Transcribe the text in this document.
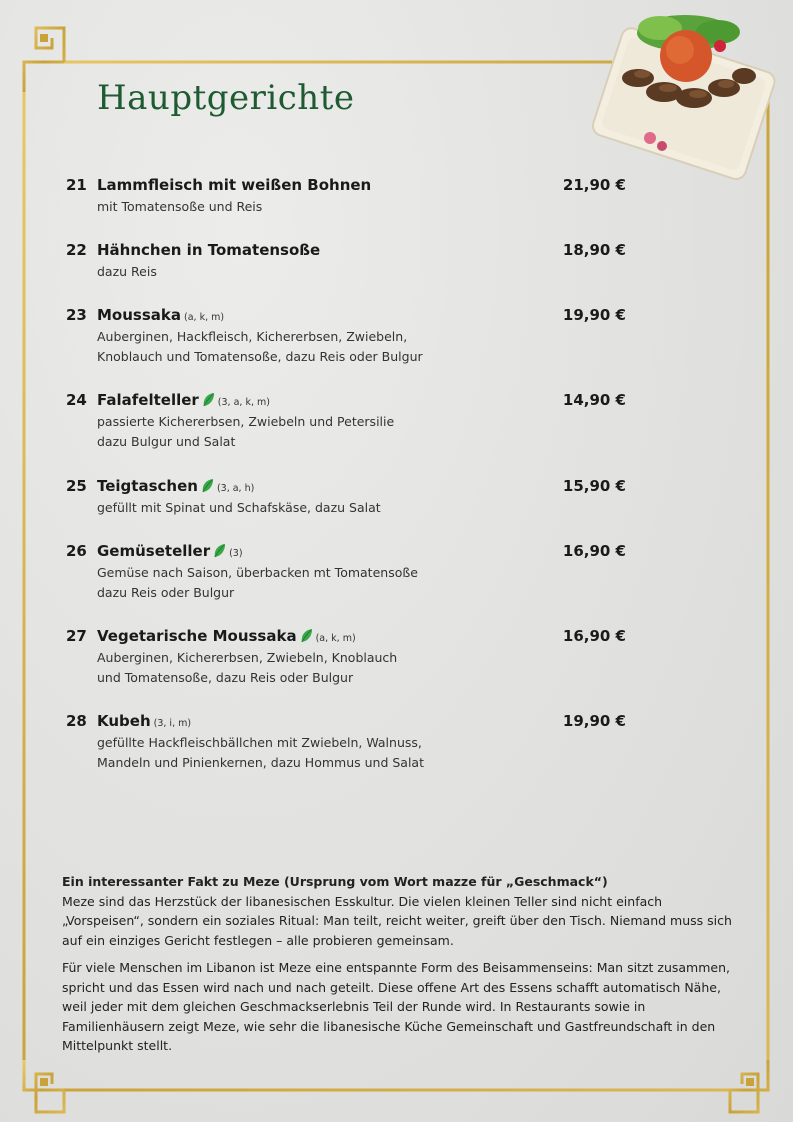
Hauptgerichte
21 Lammfleisch mit weißen Bohnen	21,90 €
mit Tomatensoße und Reis
22 Hähnchen in Tomatensoße	18,90 €
dazu Reis
23 Moussaka (a, k, m)	19,90 €
Auberginen, Hackfleisch, Kichererbsen, Zwiebeln,
Knoblauch und Tomatensoße, dazu Reis oder Bulgur
24 Falafelteller (3, a, k, m)	14,90 €
passierte Kichererbsen, Zwiebeln und Petersilie
dazu Bulgur und Salat
25 Teigtaschen (3, a, h)	15,90 €
gefüllt mit Spinat und Schafskäse, dazu Salat
26 Gemüseteller (3)	16,90 €
Gemüse nach Saison, überbacken mt Tomatensoße
dazu Reis oder Bulgur
27 Vegetarische Moussaka (a, k, m)	16,90 €
Auberginen, Kichererbsen, Zwiebeln, Knoblauch
und Tomatensoße, dazu Reis oder Bulgur
28 Kubeh (3, i, m)	19,90 €
gefüllte Hackfleischbällchen mit Zwiebeln, Walnuss,
Mandeln und Pinienkernen, dazu Hommus und Salat

Ein interessanter Fakt zu Meze (Ursprung vom Wort mazze für „Geschmack“)
Meze sind das Herzstück der libanesischen Esskultur. Die vielen kleinen Teller sind nicht einfach „Vorspeisen“, sondern ein soziales Ritual: Man teilt, reicht weiter, greift über den Tisch. Niemand muss sich auf ein einziges Gericht festlegen – alle probieren gemeinsam.

Für viele Menschen im Libanon ist Meze eine entspannte Form des Beisammenseins: Man sitzt zusammen, spricht und das Essen wird nach und nach geteilt. Diese offene Art des Essens schafft automatisch Nähe, weil jeder mit dem gleichen Geschmackserlebnis Teil der Runde wird. In Restaurants sowie in Familienhäusern zeigt Meze, wie sehr die libanesische Küche Gemeinschaft und Gastfreundschaft in den Mittelpunkt stellt.
